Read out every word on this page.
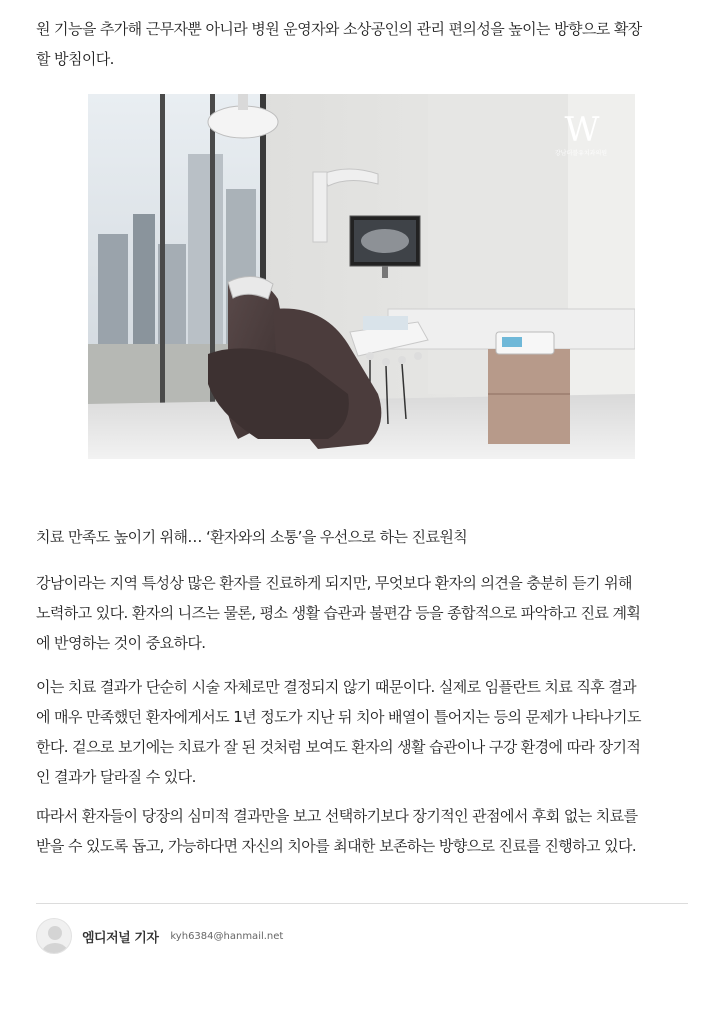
원 기능을 추가해 근무자뿐 아니라 병원 운영자와 소상공인의 관리 편의성을 높이는 방향으로 확장

할 방침이다.

W
강남더블유치과의원
치료 만족도 높이기 위해… ‘환자와의 소통’을 우선으로 하는 진료원칙

강남이라는 지역 특성상 많은 환자를 진료하게 되지만, 무엇보다 환자의 의견을 충분히 듣기 위해

노력하고 있다. 환자의 니즈는 물론, 평소 생활 습관과 불편감 등을 종합적으로 파악하고 진료 계획

에 반영하는 것이 중요하다.

이는 치료 결과가 단순히 시술 자체로만 결정되지 않기 때문이다. 실제로 임플란트 치료 직후 결과

에 매우 만족했던 환자에게서도 1년 정도가 지난 뒤 치아 배열이 틀어지는 등의 문제가 나타나기도

한다. 겉으로 보기에는 치료가 잘 된 것처럼 보여도 환자의 생활 습관이나 구강 환경에 따라 장기적

인 결과가 달라질 수 있다.

따라서 환자들이 당장의 심미적 결과만을 보고 선택하기보다 장기적인 관점에서 후회 없는 치료를

받을 수 있도록 돕고, 가능하다면 자신의 치아를 최대한 보존하는 방향으로 진료를 진행하고 있다.

엠디저널 기자 kyh6384@hanmail.net
